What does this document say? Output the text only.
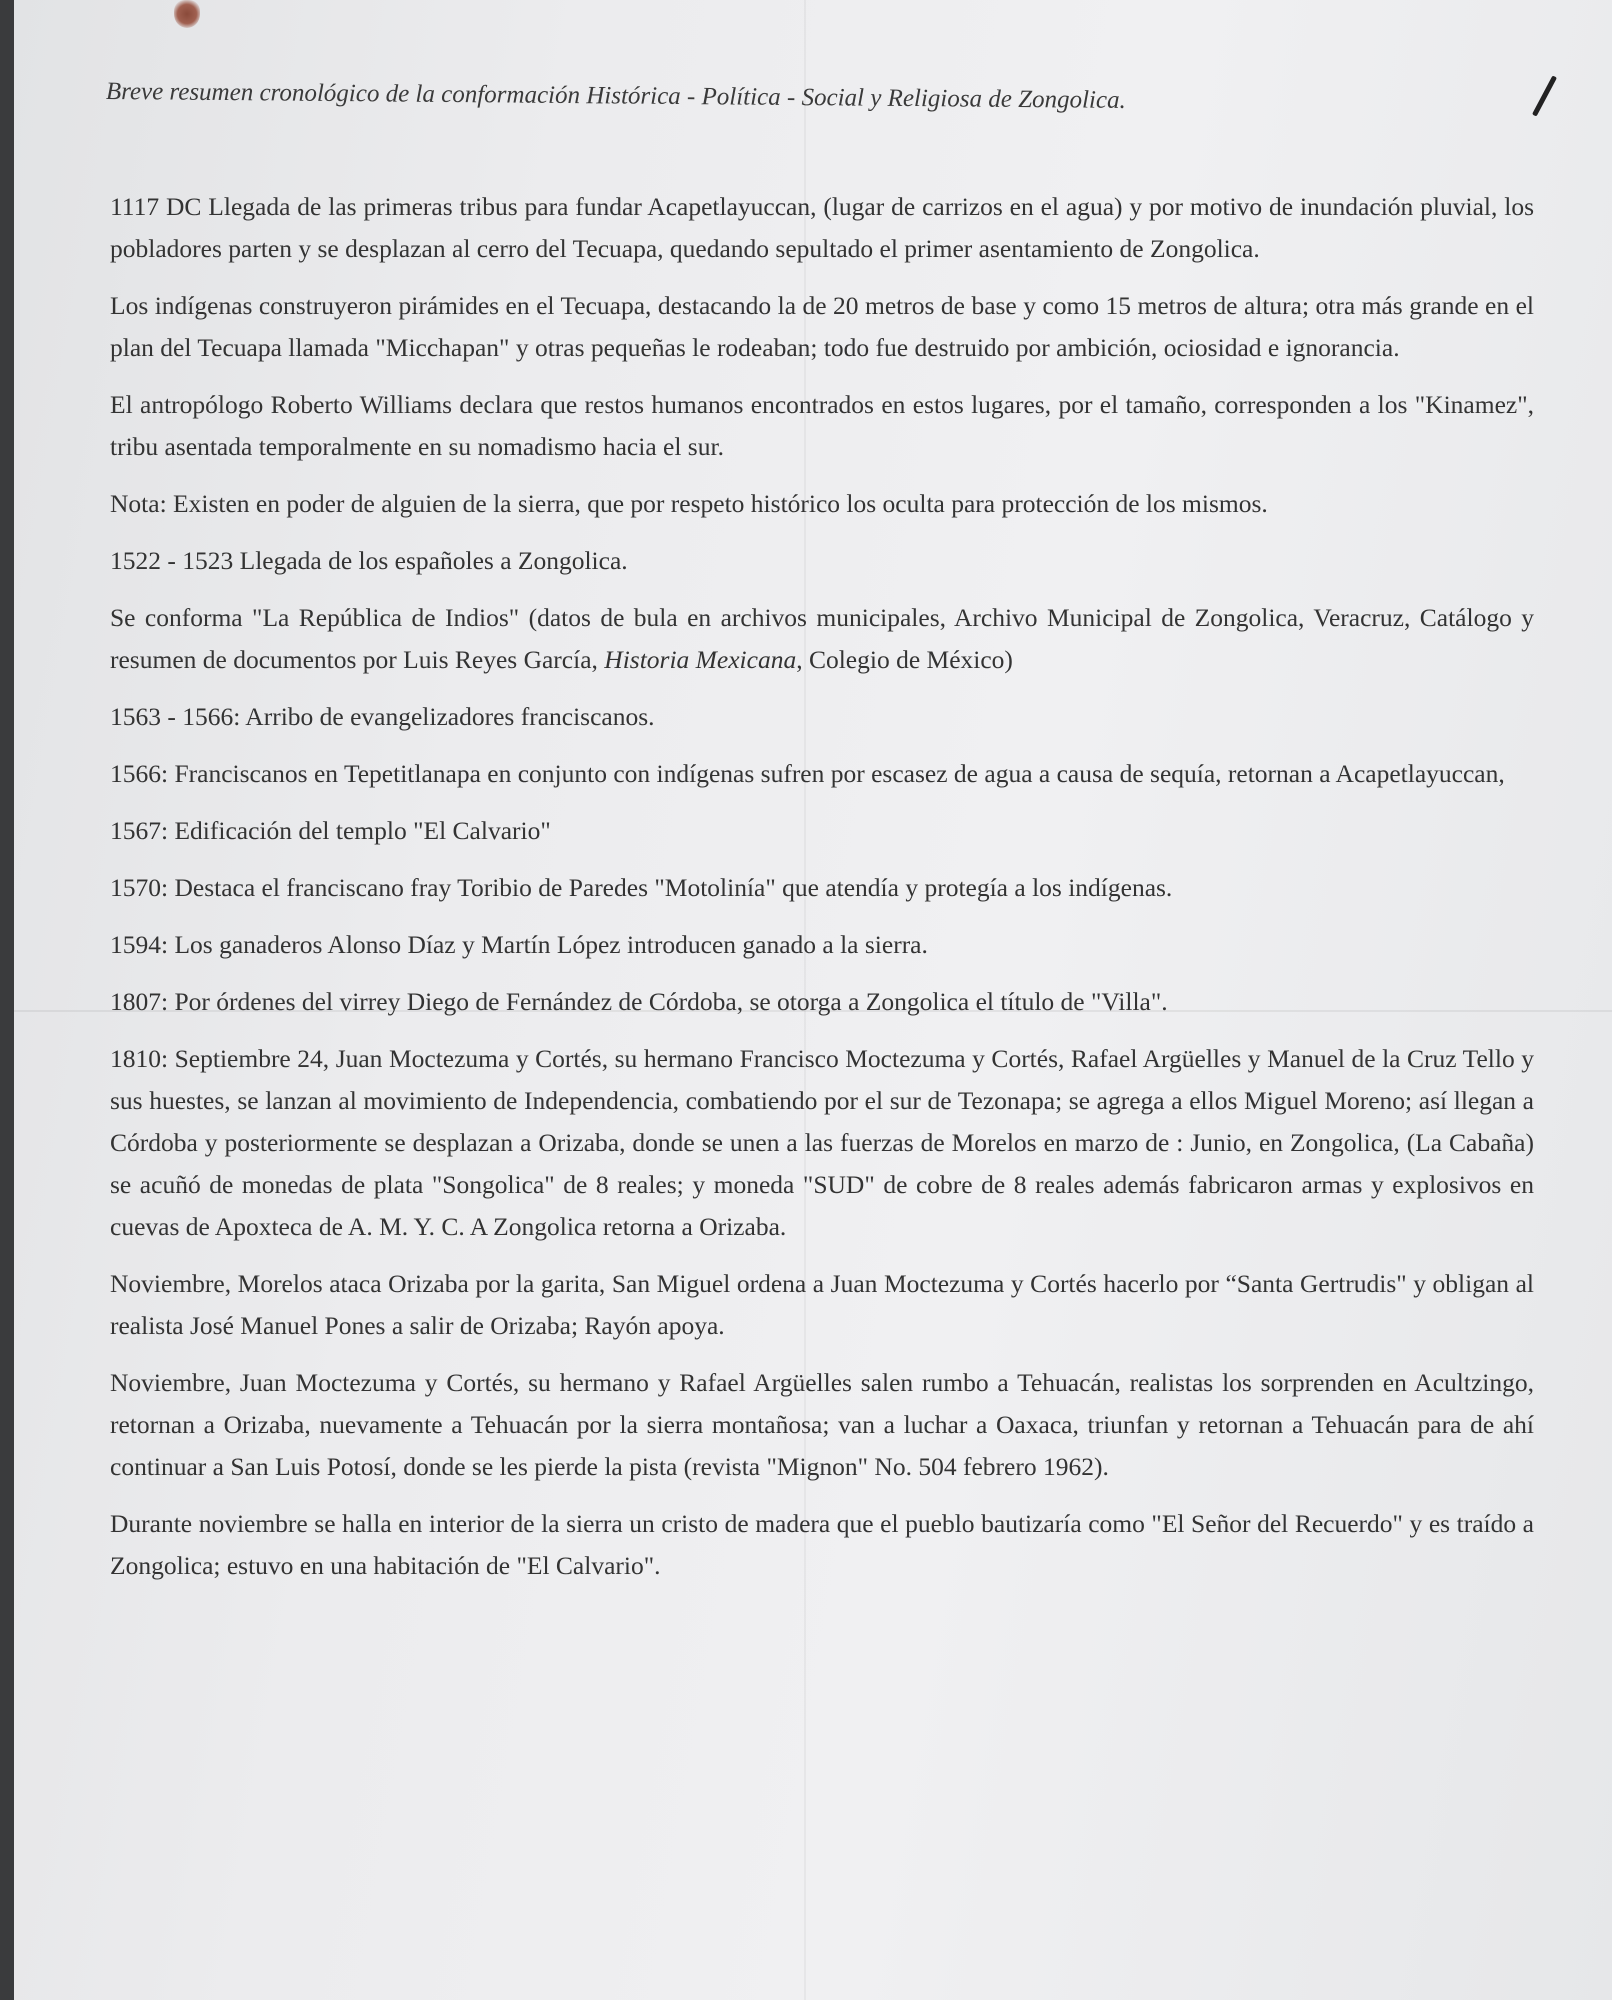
Breve resumen cronológico de la conformación Histórica - Política - Social y Religiosa de Zongolica.

1117 DC Llegada de las primeras tribus para fundar Acapetlayuccan, (lugar de carrizos en el agua) y por motivo de inundación pluvial, los pobladores parten y se desplazan al cerro del Tecuapa, quedando sepultado el primer asentamiento de Zongolica.

Los indígenas construyeron pirámides en el Tecuapa, destacando la de 20 metros de base y como 15 metros de altura; otra más grande en el plan del Tecuapa llamada "Micchapan" y otras pequeñas le rodeaban; todo fue destruido por ambición, ociosidad e ignorancia.

El antropólogo Roberto Williams declara que restos humanos encontrados en estos lugares, por el tamaño, corresponden a los "Kinamez", tribu asentada temporalmente en su nomadismo hacia el sur.

Nota: Existen en poder de alguien de la sierra, que por respeto histórico los oculta para protección de los mismos.

1522 - 1523 Llegada de los españoles a Zongolica.

Se conforma "La República de Indios" (datos de bula en archivos municipales, Archivo Municipal de Zongolica, Veracruz, Catálogo y resumen de documentos por Luis Reyes García, Historia Mexicana, Colegio de México)

1563 - 1566: Arribo de evangelizadores franciscanos.

1566: Franciscanos en Tepetitlanapa en conjunto con indígenas sufren por escasez de agua a causa de sequía, retornan a Acapetlayuccan,

1567: Edificación del templo "El Calvario"

1570: Destaca el franciscano fray Toribio de Paredes "Motolinía" que atendía y protegía a los indígenas.

1594: Los ganaderos Alonso Díaz y Martín López introducen ganado a la sierra.

1807: Por órdenes del virrey Diego de Fernández de Córdoba, se otorga a Zongolica el título de "Villa".

1810: Septiembre 24, Juan Moctezuma y Cortés, su hermano Francisco Moctezuma y Cortés, Rafael Argüelles y Manuel de la Cruz Tello y sus huestes, se lanzan al movimiento de Independencia, combatiendo por el sur de Tezonapa; se agrega a ellos Miguel Moreno; así llegan a Córdoba y posteriormente se desplazan a Orizaba, donde se unen a las fuerzas de Morelos en marzo de : Junio, en Zongolica, (La Cabaña) se acuñó de monedas de plata "Songolica" de 8 reales; y moneda "SUD" de cobre de 8 reales además fabricaron armas y explosivos en cuevas de Apoxteca de A. M. Y. C. A Zongolica retorna a Orizaba.

Noviembre, Morelos ataca Orizaba por la garita, San Miguel ordena a Juan Moctezuma y Cortés hacerlo por “Santa Gertrudis" y obligan al realista José Manuel Pones a salir de Orizaba; Rayón apoya.

Noviembre, Juan Moctezuma y Cortés, su hermano y Rafael Argüelles salen rumbo a Tehuacán, realistas los sorprenden en Acultzingo, retornan a Orizaba, nuevamente a Tehuacán por la sierra montañosa; van a luchar a Oaxaca, triunfan y retornan a Tehuacán para de ahí continuar a San Luis Potosí, donde se les pierde la pista (revista "Mignon" No. 504 febrero 1962).

Durante noviembre se halla en interior de la sierra un cristo de madera que el pueblo bautizaría como "El Señor del Recuerdo" y es traído a Zongolica; estuvo en una habitación de "El Calvario".
